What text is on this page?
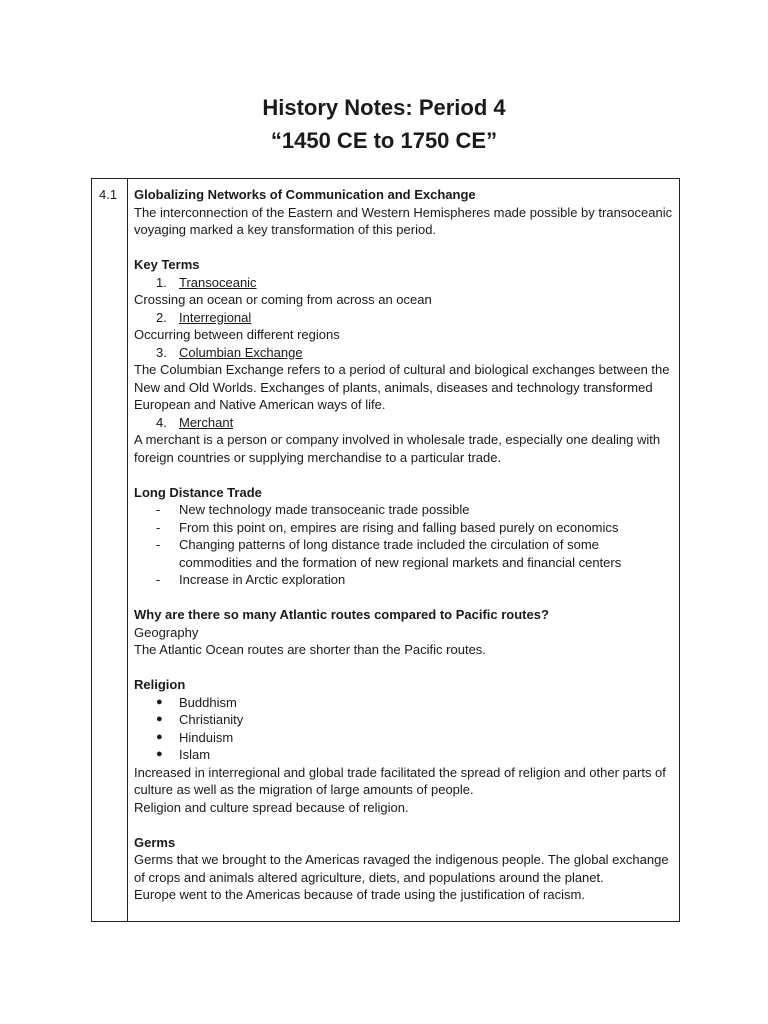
History Notes: Period 4
“1450 CE to 1750 CE”
4.1	Globalizing Networks of Communication and Exchange

The interconnection of the Eastern and Western Hemispheres made possible by transoceanic voyaging marked a key transformation of this period.

Key Terms

1. Transoceanic

Crossing an ocean or coming from across an ocean

2. Interregional

Occurring between different regions

3. Columbian Exchange

The Columbian Exchange refers to a period of cultural and biological exchanges between the New and Old Worlds. Exchanges of plants, animals, diseases and technology transformed European and Native American ways of life.

4. Merchant

A merchant is a person or company involved in wholesale trade, especially one dealing with foreign countries or supplying merchandise to a particular trade.

Long Distance Trade

- New technology made transoceanic trade possible
- From this point on, empires are rising and falling based purely on economics
- Changing patterns of long distance trade included the circulation of some commodities and the formation of new regional markets and financial centers
- Increase in Arctic exploration

Why are there so many Atlantic routes compared to Pacific routes?

Geography

The Atlantic Ocean routes are shorter than the Pacific routes.

Religion

● Buddhism
● Christianity
● Hinduism
● Islam

Increased in interregional and global trade facilitated the spread of religion and other parts of culture as well as the migration of large amounts of people.

Religion and culture spread because of religion.

Germs

Germs that we brought to the Americas ravaged the indigenous people. The global exchange of crops and animals altered agriculture, diets, and populations around the planet.

Europe went to the Americas because of trade using the justification of racism.
